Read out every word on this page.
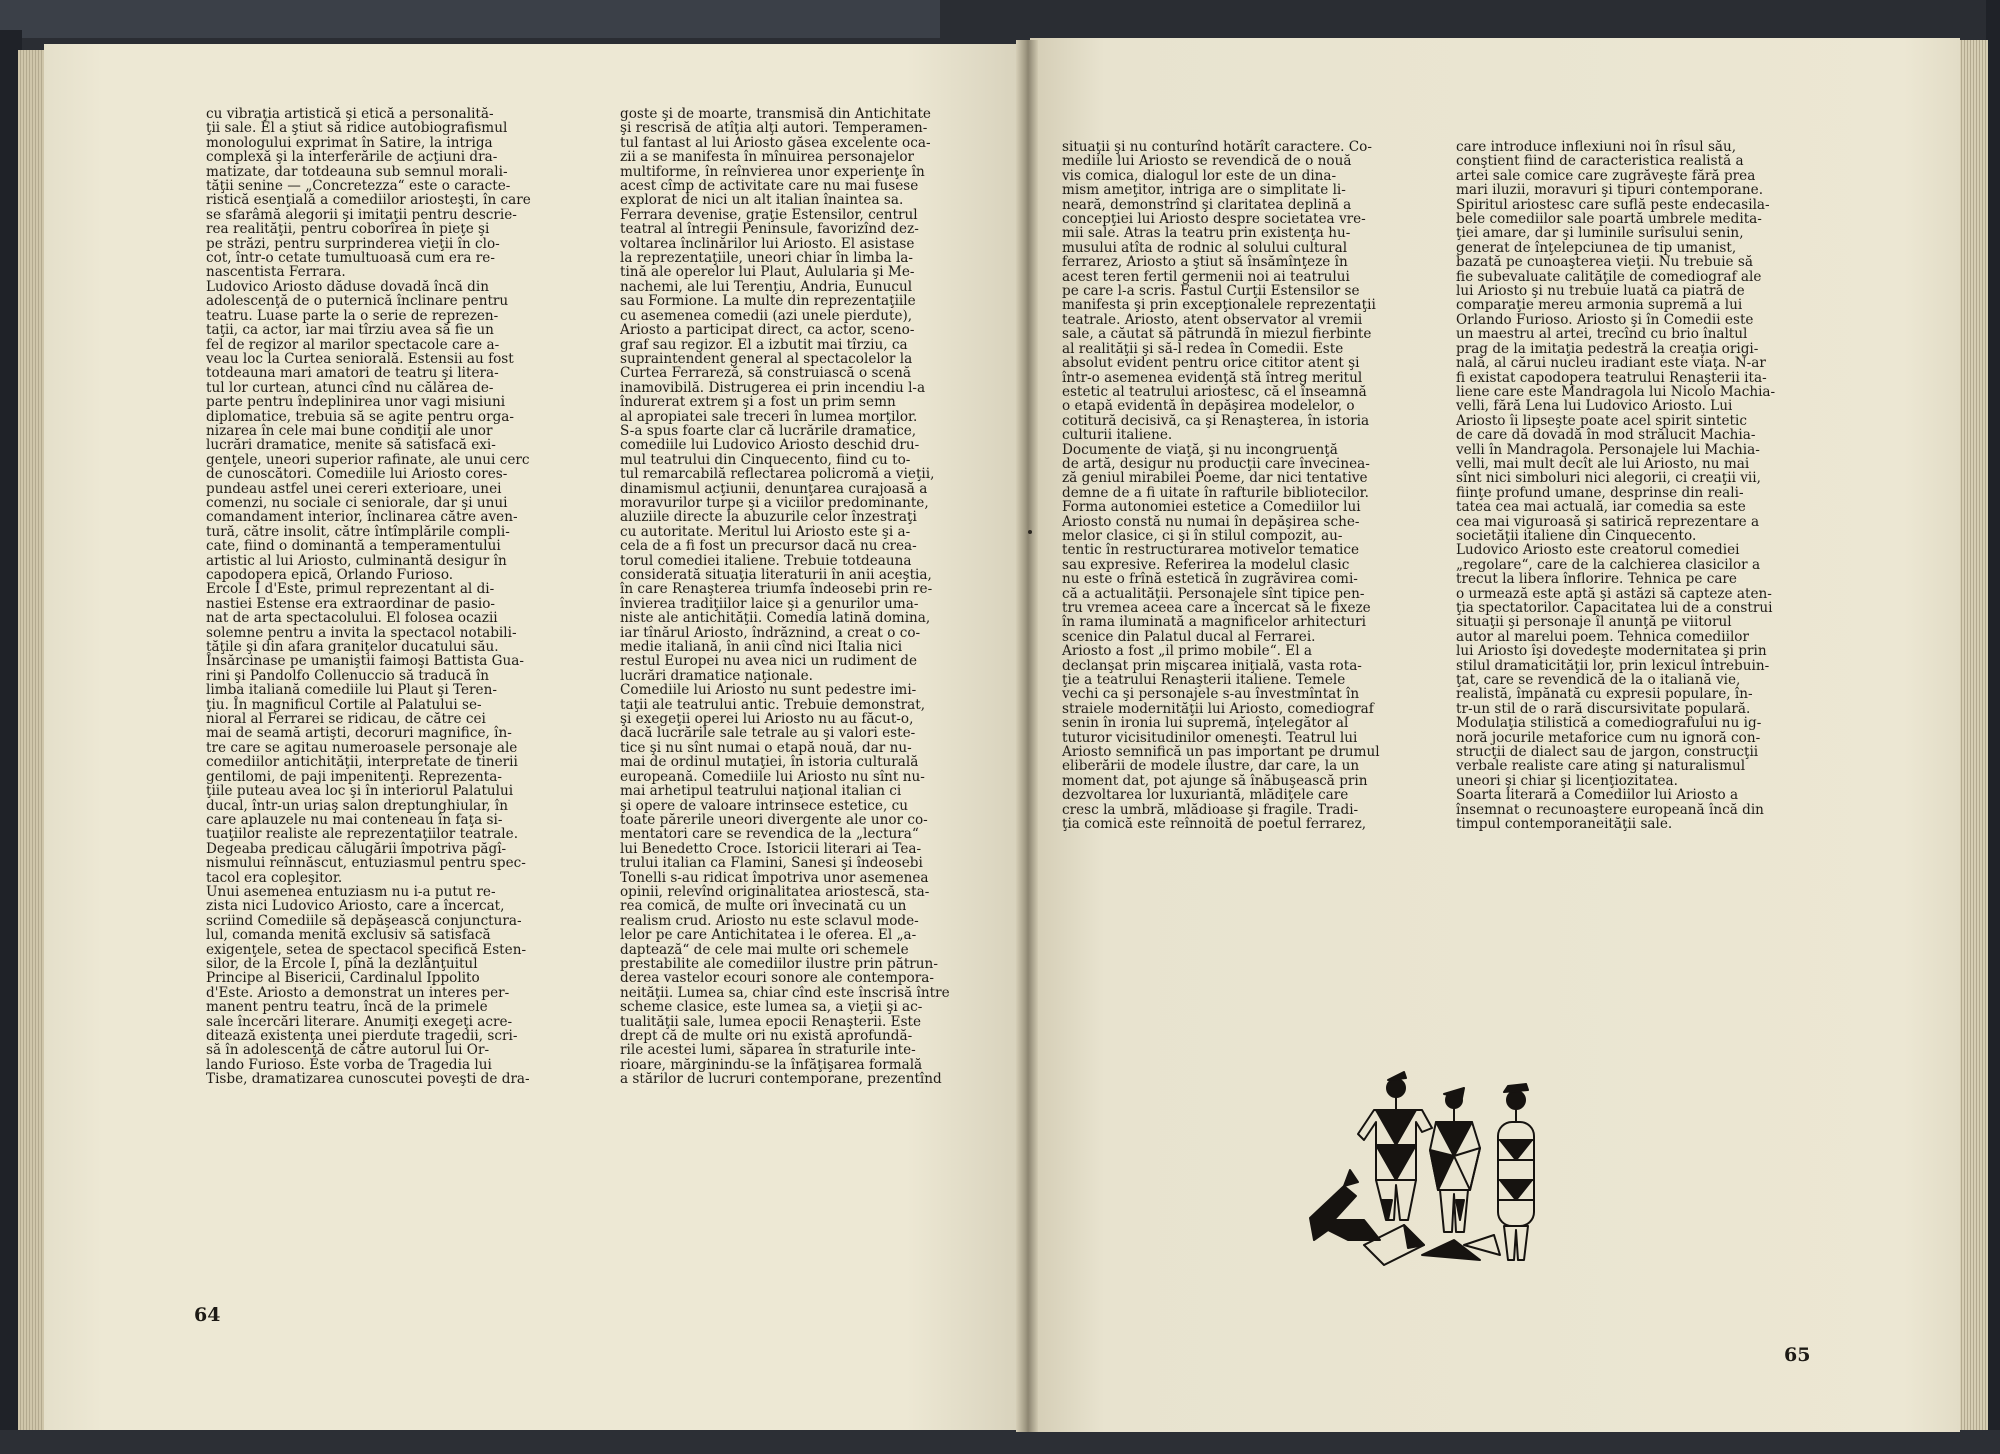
cu vibraţia artistică şi etică a personalită-
ţii sale. El a ştiut să ridice autobiografismul
monologului exprimat în Satire, la intriga
complexă şi la interferările de acţiuni dra-
matizate, dar totdeauna sub semnul morali-
tăţii senine — „Concretezza“ este o caracte-
ristică esenţială a comediilor ariosteşti, în care
se sfarâmă alegorii şi imitaţii pentru descrie-
rea realităţii, pentru coborîrea în pieţe şi
pe străzi, pentru surprinderea vieţii în clo-
cot, într-o cetate tumultuoasă cum era re-
nascentista Ferrara.
Ludovico Ariosto dăduse dovadă încă din
adolescenţă de o puternică înclinare pentru
teatru. Luase parte la o serie de reprezen-
taţii, ca actor, iar mai tîrziu avea să fie un
fel de regizor al marilor spectacole care a-
veau loc la Curtea seniorală. Estensii au fost
totdeauna mari amatori de teatru şi litera-
tul lor curtean, atunci cînd nu călărea de-
parte pentru îndeplinirea unor vagi misiuni
diplomatice, trebuia să se agite pentru orga-
nizarea în cele mai bune condiţii ale unor
lucrări dramatice, menite să satisfacă exi-
genţele, uneori superior rafinate, ale unui cerc
de cunoscători. Comediile lui Ariosto cores-
pundeau astfel unei cereri exterioare, unei
comenzi, nu sociale ci seniorale, dar şi unui
comandament interior, înclinarea către aven-
tură, către insolit, către întîmplările compli-
cate, fiind o dominantă a temperamentului
artistic al lui Ariosto, culminantă desigur în
capodopera epică, Orlando Furioso.
Ercole I d'Este, primul reprezentant al di-
nastiei Estense era extraordinar de pasio-
nat de arta spectacolului. El folosea ocazii
solemne pentru a invita la spectacol notabili-
tăţile şi din afara graniţelor ducatului său.
Însărcinase pe umaniştii faimoşi Battista Gua-
rini şi Pandolfo Collenuccio să traducă în
limba italiană comediile lui Plaut şi Teren-
ţiu. În magnificul Cortile al Palatului se-
nioral al Ferrarei se ridicau, de către cei
mai de seamă artişti, decoruri magnifice, în-
tre care se agitau numeroasele personaje ale
comediilor antichităţii, interpretate de tinerii
gentilomi, de paji impenitenţi. Reprezenta-
ţiile puteau avea loc şi în interiorul Palatului
ducal, într-un uriaş salon dreptunghiular, în
care aplauzele nu mai conteneau în faţa si-
tuaţiilor realiste ale reprezentaţiilor teatrale.
Degeaba predicau călugării împotriva păgî-
nismului reînnăscut, entuziasmul pentru spec-
tacol era copleşitor.
Unui asemenea entuziasm nu i-a putut re-
zista nici Ludovico Ariosto, care a încercat,
scriind Comediile să depăşească conjunctura-
lul, comanda menită exclusiv să satisfacă
exigenţele, setea de spectacol specifică Esten-
silor, de la Ercole I, pînă la dezlănţuitul
Principe al Bisericii, Cardinalul Ippolito
d'Este. Ariosto a demonstrat un interes per-
manent pentru teatru, încă de la primele
sale încercări literare. Anumiţi exegeţi acre-
ditează existenţa unei pierdute tragedii, scri-
să în adolescenţă de către autorul lui Or-
lando Furioso. Este vorba de Tragedia lui
Tisbe, dramatizarea cunoscutei poveşti de dra-

goste şi de moarte, transmisă din Antichitate
şi rescrisă de atîţia alţi autori. Temperamen-
tul fantast al lui Ariosto găsea excelente oca-
zii a se manifesta în mînuirea personajelor
multiforme, în reînvierea unor experienţe în
acest cîmp de activitate care nu mai fusese
explorat de nici un alt italian înaintea sa.
Ferrara devenise, graţie Estensilor, centrul
teatral al întregii Peninsule, favorizînd dez-
voltarea înclinărilor lui Ariosto. El asistase
la reprezentaţiile, uneori chiar în limba la-
tină ale operelor lui Plaut, Aulularia şi Me-
nachemi, ale lui Terenţiu, Andria, Eunucul
sau Formione. La multe din reprezentaţiile
cu asemenea comedii (azi unele pierdute),
Ariosto a participat direct, ca actor, sceno-
graf sau regizor. El a izbutit mai tîrziu, ca
supraintendent general al spectacolelor la
Curtea Ferrareză, să construiască o scenă
inamovibilă. Distrugerea ei prin incendiu l-a
îndurerat extrem şi a fost un prim semn
al apropiatei sale treceri în lumea morţilor.
S-a spus foarte clar că lucrările dramatice,
comediile lui Ludovico Ariosto deschid dru-
mul teatrului din Cinquecento, fiind cu to-
tul remarcabilă reflectarea policromă a vieţii,
dinamismul acţiunii, denunţarea curajoasă a
moravurilor turpe şi a viciilor predominante,
aluziile directe la abuzurile celor înzestraţi
cu autoritate. Meritul lui Ariosto este şi a-
cela de a fi fost un precursor dacă nu crea-
torul comediei italiene. Trebuie totdeauna
considerată situaţia literaturii în anii aceştia,
în care Renaşterea triumfa îndeosebi prin re-
învierea tradiţiilor laice şi a genurilor uma-
niste ale antichităţii. Comedia latină domina,
iar tînărul Ariosto, îndrăznind, a creat o co-
medie italiană, în anii cînd nici Italia nici
restul Europei nu avea nici un rudiment de
lucrări dramatice naţionale.
Comediile lui Ariosto nu sunt pedestre imi-
taţii ale teatrului antic. Trebuie demonstrat,
şi exegeţii operei lui Ariosto nu au făcut-o,
dacă lucrările sale tetrale au şi valori este-
tice şi nu sînt numai o etapă nouă, dar nu-
mai de ordinul mutaţiei, în istoria culturală
europeană. Comediile lui Ariosto nu sînt nu-
mai arhetipul teatrului naţional italian ci
şi opere de valoare intrinsece estetice, cu
toate părerile uneori divergente ale unor co-
mentatori care se revendica de la „lectura“
lui Benedetto Croce. Istoricii literari ai Tea-
trului italian ca Flamini, Sanesi şi îndeosebi
Tonelli s-au ridicat împotriva unor asemenea
opinii, relevînd originalitatea ariostescă, sta-
rea comică, de multe ori învecinată cu un
realism crud. Ariosto nu este sclavul mode-
lelor pe care Antichitatea i le oferea. El „a-
daptează“ de cele mai multe ori schemele
prestabilite ale comediilor ilustre prin pătrun-
derea vastelor ecouri sonore ale contempora-
neităţii. Lumea sa, chiar cînd este înscrisă între
scheme clasice, este lumea sa, a vieţii şi ac-
tualităţii sale, lumea epocii Renaşterii. Este
drept că de multe ori nu există aprofundă-
rile acestei lumi, săparea în straturile inte-
rioare, mărginindu-se la înfăţişarea formală
a stărilor de lucruri contemporane, prezentînd

situaţii şi nu conturînd hotărît caractere. Co-
mediile lui Ariosto se revendică de o nouă
vis comica, dialogul lor este de un dina-
mism ameţitor, intriga are o simplitate li-
neară, demonstrînd şi claritatea deplină a
concepţiei lui Ariosto despre societatea vre-
mii sale. Atras la teatru prin existenţa hu-
musului atîta de rodnic al solului cultural
ferrarez, Ariosto a ştiut să însămînţeze în
acest teren fertil germenii noi ai teatrului
pe care l-a scris. Fastul Curţii Estensilor se
manifesta şi prin excepţionalele reprezentaţii
teatrale. Ariosto, atent observator al vremii
sale, a căutat să pătrundă în miezul fierbinte
al realităţii şi să-l redea în Comedii. Este
absolut evident pentru orice cititor atent şi
într-o asemenea evidenţă stă întreg meritul
estetic al teatrului ariostesc, că el înseamnă
o etapă evidentă în depăşirea modelelor, o
cotitură decisivă, ca şi Renaşterea, în istoria
culturii italiene.
Documente de viaţă, şi nu incongruenţă
de artă, desigur nu producţii care învecinea-
ză geniul mirabilei Poeme, dar nici tentative
demne de a fi uitate în rafturile bibliotecilor.
Forma autonomiei estetice a Comediilor lui
Ariosto constă nu numai în depăşirea sche-
melor clasice, ci şi în stilul compozit, au-
tentic în restructurarea motivelor tematice
sau expresive. Referirea la modelul clasic
nu este o frînă estetică în zugrăvirea comi-
că a actualităţii. Personajele sînt tipice pen-
tru vremea aceea care a încercat să le fixeze
în rama iluminată a magnificelor arhitecturi
scenice din Palatul ducal al Ferrarei.
Ariosto a fost „il primo mobile“. El a
declanşat prin mişcarea iniţială, vasta rota-
ţie a teatrului Renaşterii italiene. Temele
vechi ca şi personajele s-au învestmîntat în
straiele modernităţii lui Ariosto, comediograf
senin în ironia lui supremă, înţelegător al
tuturor vicisitudinilor omeneşti. Teatrul lui
Ariosto semnifică un pas important pe drumul
eliberării de modele ilustre, dar care, la un
moment dat, pot ajunge să înăbuşească prin
dezvoltarea lor luxuriantă, mlădiţele care
cresc la umbră, mlădioase şi fragile. Tradi-
ţia comică este reînnoită de poetul ferrarez,

care introduce inflexiuni noi în rîsul său,
conştient fiind de caracteristica realistă a
artei sale comice care zugrăveşte fără prea
mari iluzii, moravuri şi tipuri contemporane.
Spiritul ariostesc care suflă peste endecasila-
bele comediilor sale poartă umbrele medita-
ţiei amare, dar şi luminile surîsului senin,
generat de înţelepciunea de tip umanist,
bazată pe cunoaşterea vieţii. Nu trebuie să
fie subevaluate calităţile de comediograf ale
lui Ariosto şi nu trebuie luată ca piatră de
comparaţie mereu armonia supremă a lui
Orlando Furioso. Ariosto şi în Comedii este
un maestru al artei, trecînd cu brio înaltul
prag de la imitaţia pedestră la creaţia origi-
nală, al cărui nucleu iradiant este viaţa. N-ar
fi existat capodopera teatrului Renaşterii ita-
liene care este Mandragola lui Nicolo Machia-
velli, fără Lena lui Ludovico Ariosto. Lui
Ariosto îi lipseşte poate acel spirit sintetic
de care dă dovadă în mod strălucit Machia-
velli în Mandragola. Personajele lui Machia-
velli, mai mult decît ale lui Ariosto, nu mai
sînt nici simboluri nici alegorii, ci creaţii vii,
fiinţe profund umane, desprinse din reali-
tatea cea mai actuală, iar comedia sa este
cea mai viguroasă şi satirică reprezentare a
societăţii italiene din Cinquecento.
Ludovico Ariosto este creatorul comediei
„regolare“, care de la calchierea clasicilor a
trecut la libera înflorire. Tehnica pe care
o urmează este aptă şi astăzi să capteze aten-
ţia spectatorilor. Capacitatea lui de a construi
situaţii şi personaje îl anunţă pe viitorul
autor al marelui poem. Tehnica comediilor
lui Ariosto îşi dovedeşte modernitatea şi prin
stilul dramaticităţii lor, prin lexicul întrebuin-
ţat, care se revendică de la o italiană vie,
realistă, împănată cu expresii populare, în-
tr-un stil de o rară discursivitate populară.
Modulaţia stilistică a comediografului nu ig-
noră jocurile metaforice cum nu ignoră con-
strucţii de dialect sau de jargon, construcţii
verbale realiste care ating şi naturalismul
uneori şi chiar şi licenţiozitatea.
Soarta literară a Comediilor lui Ariosto a
însemnat o recunoaştere europeană încă din
timpul contemporaneităţii sale.

64
65
